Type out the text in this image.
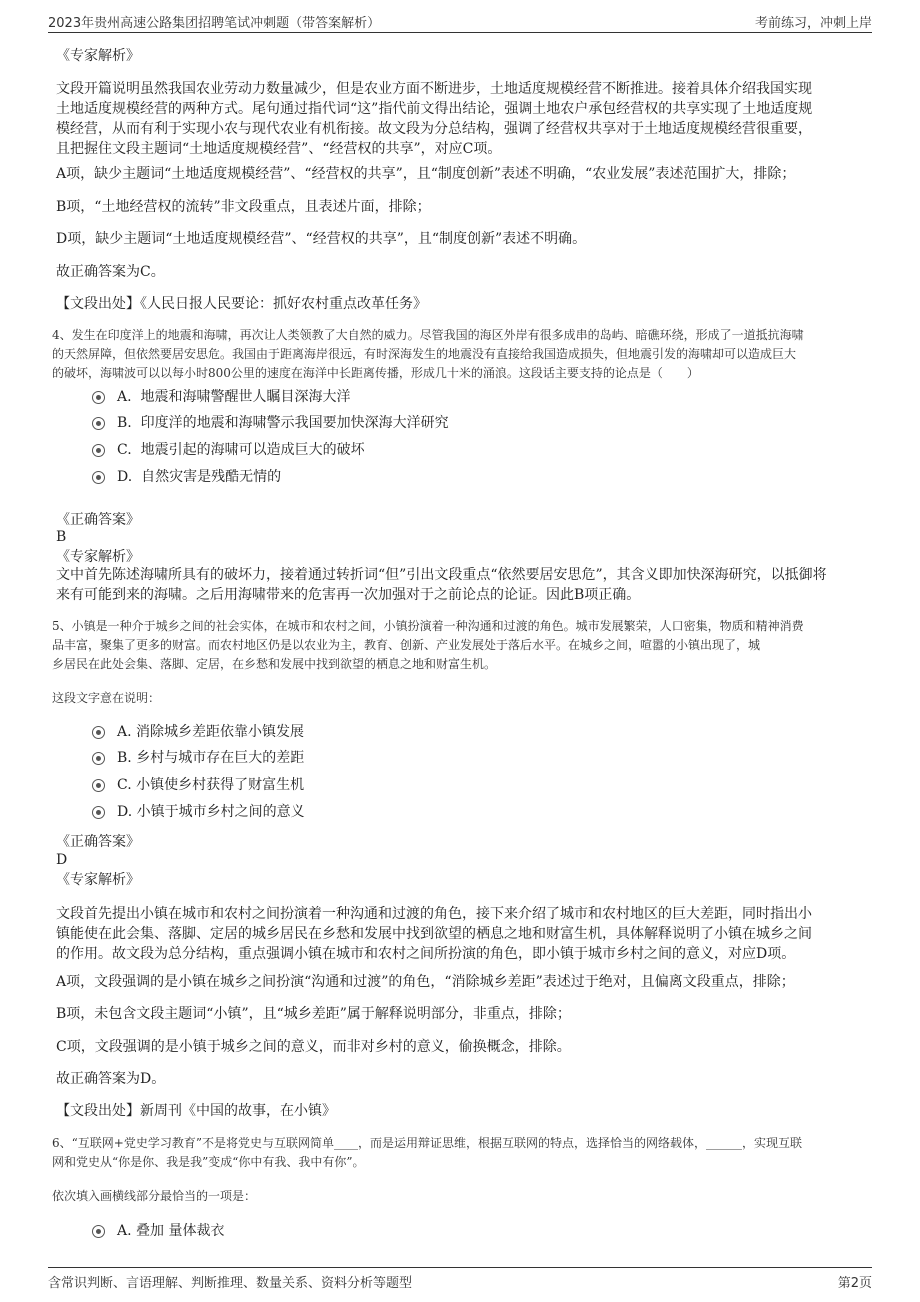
2023年贵州高速公路集团招聘笔试冲刺题（带答案解析）	考前练习，冲刺上岸
《专家解析》
文段开篇说明虽然我国农业劳动力数量减少，但是农业方面不断进步，土地适度规模经营不断推进。接着具体介绍我国实现
土地适度规模经营的两种方式。尾句通过指代词“这”指代前文得出结论，强调土地农户承包经营权的共享实现了土地适度规
模经营，从而有利于实现小农与现代农业有机衔接。故文段为分总结构，强调了经营权共享对于土地适度规模经营很重要，
且把握住文段主题词“土地适度规模经营”、“经营权的共享”，对应C项。
A项，缺少主题词“土地适度规模经营”、“经营权的共享”，且“制度创新”表述不明确，“农业发展”表述范围扩大，排除；
B项，“土地经营权的流转”非文段重点，且表述片面，排除；
D项，缺少主题词“土地适度规模经营”、“经营权的共享”，且“制度创新”表述不明确。
故正确答案为C。
【文段出处】《人民日报人民要论：抓好农村重点改革任务》
4、发生在印度洋上的地震和海啸，再次让人类领教了大自然的威力。尽管我国的海区外岸有很多成串的岛屿、暗礁环绕，形成了一道抵抗海啸
的天然屏障，但依然要居安思危。我国由于距离海岸很远，有时深海发生的地震没有直接给我国造成损失，但地震引发的海啸却可以造成巨大
的破坏，海啸波可以以每小时800公里的速度在海洋中长距离传播，形成几十米的涌浪。这段话主要支持的论点是（　　）
A. 地震和海啸警醒世人瞩目深海大洋
B. 印度洋的地震和海啸警示我国要加快深海大洋研究
C. 地震引起的海啸可以造成巨大的破坏
D. 自然灾害是残酷无情的
《正确答案》
B
《专家解析》
文中首先陈述海啸所具有的破坏力，接着通过转折词“但”引出文段重点“依然要居安思危”，其含义即加快深海研究，以抵御将
来有可能到来的海啸。之后用海啸带来的危害再一次加强对于之前论点的论证。因此B项正确。
5、小镇是一种介于城乡之间的社会实体，在城市和农村之间，小镇扮演着一种沟通和过渡的角色。城市发展繁荣，人口密集，物质和精神消费
品丰富，聚集了更多的财富。而农村地区仍是以农业为主，教育、创新、产业发展处于落后水平。在城乡之间，喧嚣的小镇出现了，城
乡居民在此处会集、落脚、定居，在乡愁和发展中找到欲望的栖息之地和财富生机。
这段文字意在说明：
A. 消除城乡差距依靠小镇发展
B. 乡村与城市存在巨大的差距
C. 小镇使乡村获得了财富生机
D. 小镇于城市乡村之间的意义
《正确答案》
D
《专家解析》
文段首先提出小镇在城市和农村之间扮演着一种沟通和过渡的角色，接下来介绍了城市和农村地区的巨大差距，同时指出小
镇能使在此会集、落脚、定居的城乡居民在乡愁和发展中找到欲望的栖息之地和财富生机，具体解释说明了小镇在城乡之间
的作用。故文段为总分结构，重点强调小镇在城市和农村之间所扮演的角色，即小镇于城市乡村之间的意义，对应D项。
A项，文段强调的是小镇在城乡之间扮演“沟通和过渡”的角色，“消除城乡差距”表述过于绝对，且偏离文段重点，排除；
B项，未包含文段主题词“小镇”，且“城乡差距”属于解释说明部分，非重点，排除；
C项，文段强调的是小镇于城乡之间的意义，而非对乡村的意义，偷换概念，排除。
故正确答案为D。
【文段出处】新周刊《中国的故事，在小镇》
6、“互联网+党史学习教育”不是将党史与互联网简单____，而是运用辩证思维，根据互联网的特点，选择恰当的网络载体，______，实现互联
网和党史从“你是你、我是我”变成“你中有我、我中有你”。
依次填入画横线部分最恰当的一项是：
A. 叠加 量体裁衣
含常识判断、言语理解、判断推理、数量关系、资料分析等题型	第2页
